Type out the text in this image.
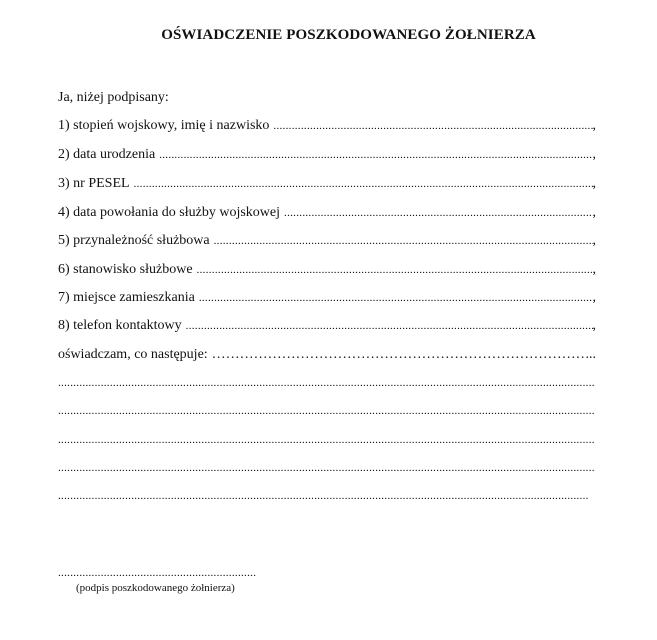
OŚWIADCZENIE POSZKODOWANEGO ŻOŁNIERZA
Ja, niżej podpisany:
1) stopień wojskowy, imię i nazwisko .....	,
2) data urodzenia .....	,
3) nr PESEL .....	,
4) data powołania do służby wojskowej .....	,
5) przynależność służbowa .....	,
6) stanowisko służbowe .....	,
7) miejsce zamieszkania .....	,
8) telefon kontaktowy .....	,
oświadczam, co następuje: ……………………………………………………………………………………………………	..
.....
.....
.....
.....
.....
.....
(podpis poszkodowanego żołnierza)
